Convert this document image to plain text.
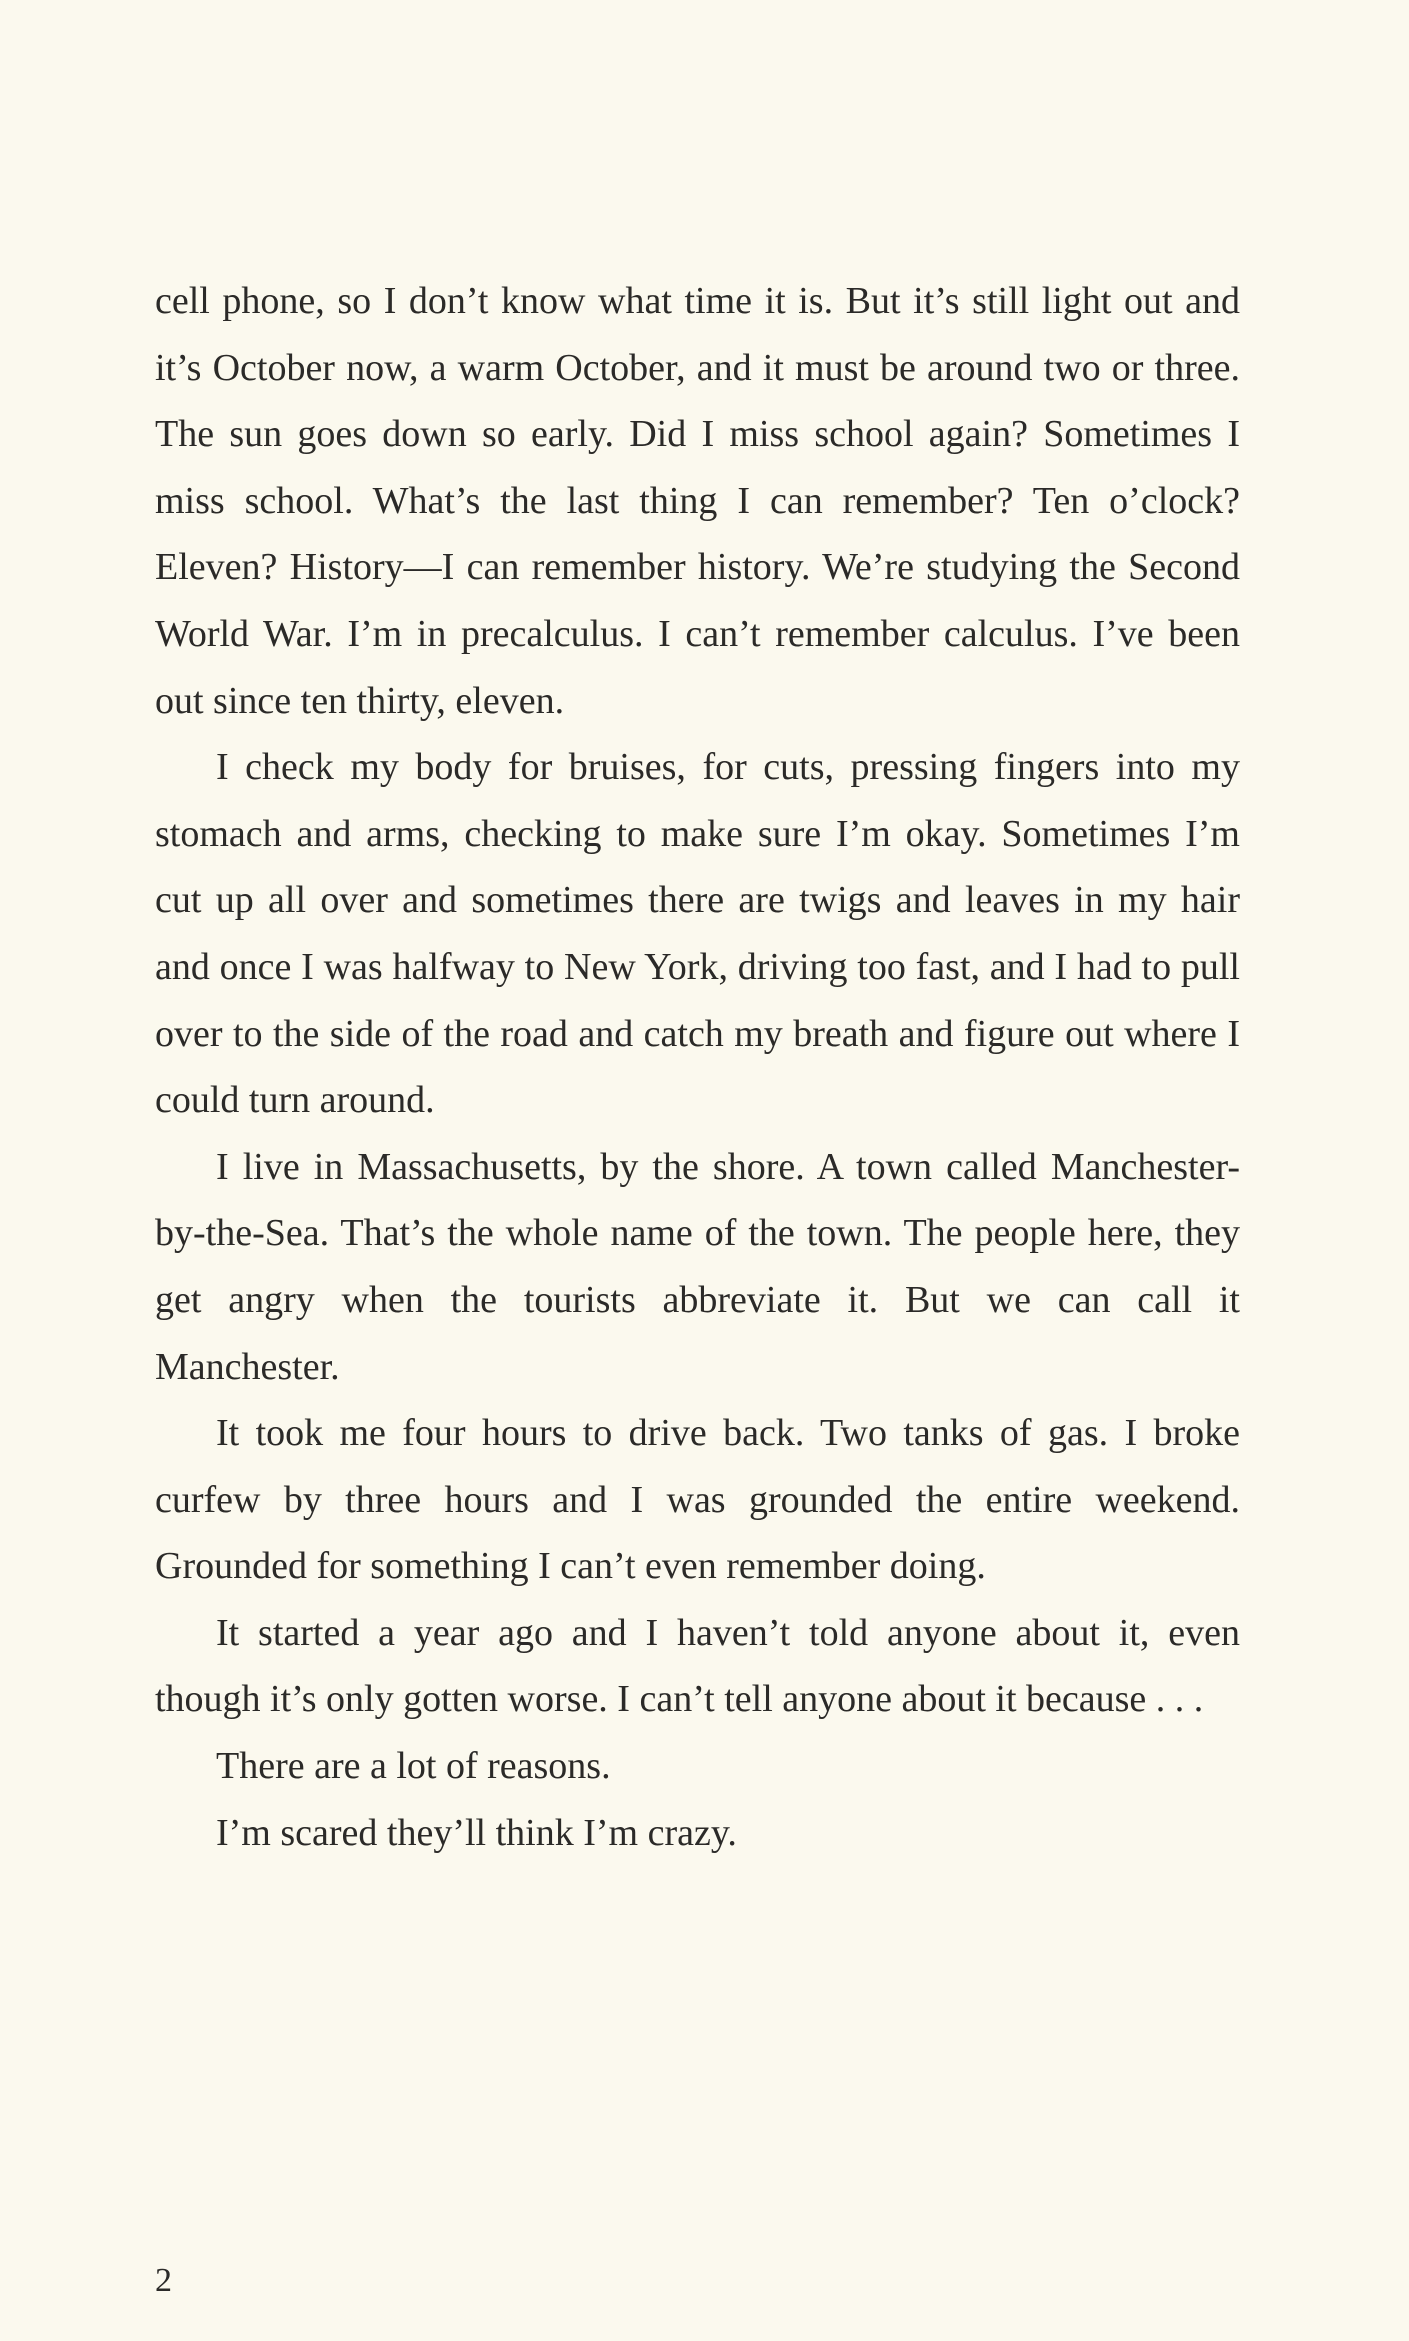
cell phone, so I don’t know what time it is. But it’s still light out and it’s October now, a warm October, and it must be around two or three. The sun goes down so early. Did I miss school again? Sometimes I miss school. What’s the last thing I can remember? Ten o’clock? Eleven? History—I can remember history. We’re studying the Second World War. I’m in precalculus. I can’t remember calculus. I’ve been out since ten thirty, eleven.

I check my body for bruises, for cuts, pressing fingers into my stomach and arms, checking to make sure I’m okay. Sometimes I’m cut up all over and sometimes there are twigs and leaves in my hair and once I was halfway to New York, driving too fast, and I had to pull over to the side of the road and catch my breath and figure out where I could turn around.

I live in Massachusetts, by the shore. A town called Manchester-by-the-Sea. That’s the whole name of the town. The people here, they get angry when the tourists abbreviate it. But we can call it Manchester.

It took me four hours to drive back. Two tanks of gas. I broke curfew by three hours and I was grounded the entire weekend. Grounded for something I can’t even remember doing.

It started a year ago and I haven’t told anyone about it, even though it’s only gotten worse. I can’t tell anyone about it because . . .

There are a lot of reasons.

I’m scared they’ll think I’m crazy.

2
